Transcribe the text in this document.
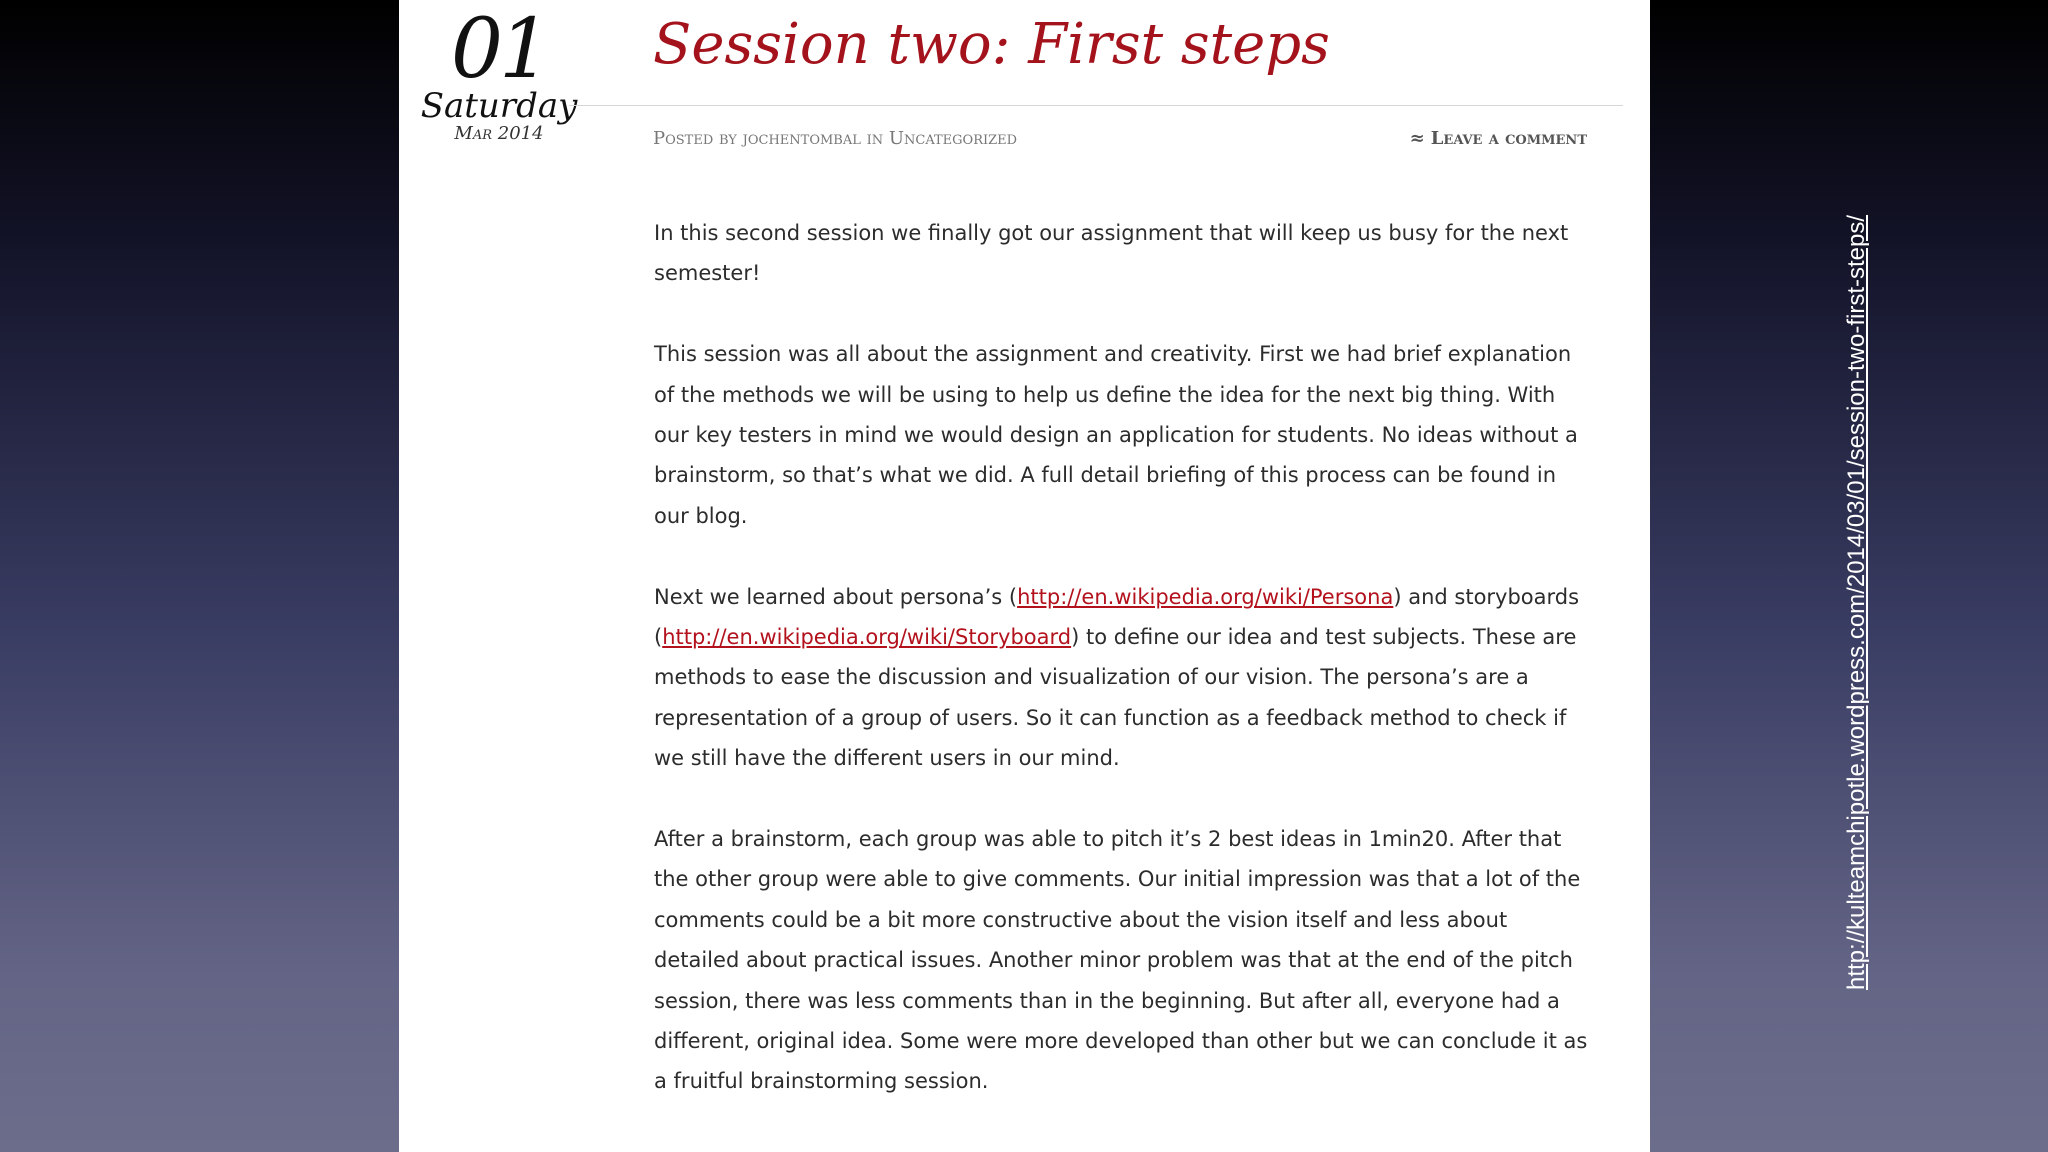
01
Saturday
Mar 2014
Session two: First steps
Posted by jochentombal in Uncategorized	≈ Leave a comment

In this second session we finally got our assignment that will keep us busy for the next semester!

This session was all about the assignment and creativity. First we had brief explanation of the methods we will be using to help us define the idea for the next big thing. With our key testers in mind we would design an application for students. No ideas without a brainstorm, so that’s what we did. A full detail briefing of this process can be found in our blog.

Next we learned about persona’s (http://en.wikipedia.org/wiki/Persona) and storyboards (http://en.wikipedia.org/wiki/Storyboard) to define our idea and test subjects. These are methods to ease the discussion and visualization of our vision. The persona’s are a representation of a group of users. So it can function as a feedback method to check if we still have the different users in our mind.

After a brainstorm, each group was able to pitch it’s 2 best ideas in 1min20. After that the other group were able to give comments. Our initial impression was that a lot of the comments could be a bit more constructive about the vision itself and less about detailed about practical issues. Another minor problem was that at the end of the pitch session, there was less comments than in the beginning. But after all, everyone had a different, original idea. Some were more developed than other but we can conclude it as a fruitful brainstorming session.

http://kulteamchipotle.wordpress.com/2014/03/01/session-two-first-steps/
